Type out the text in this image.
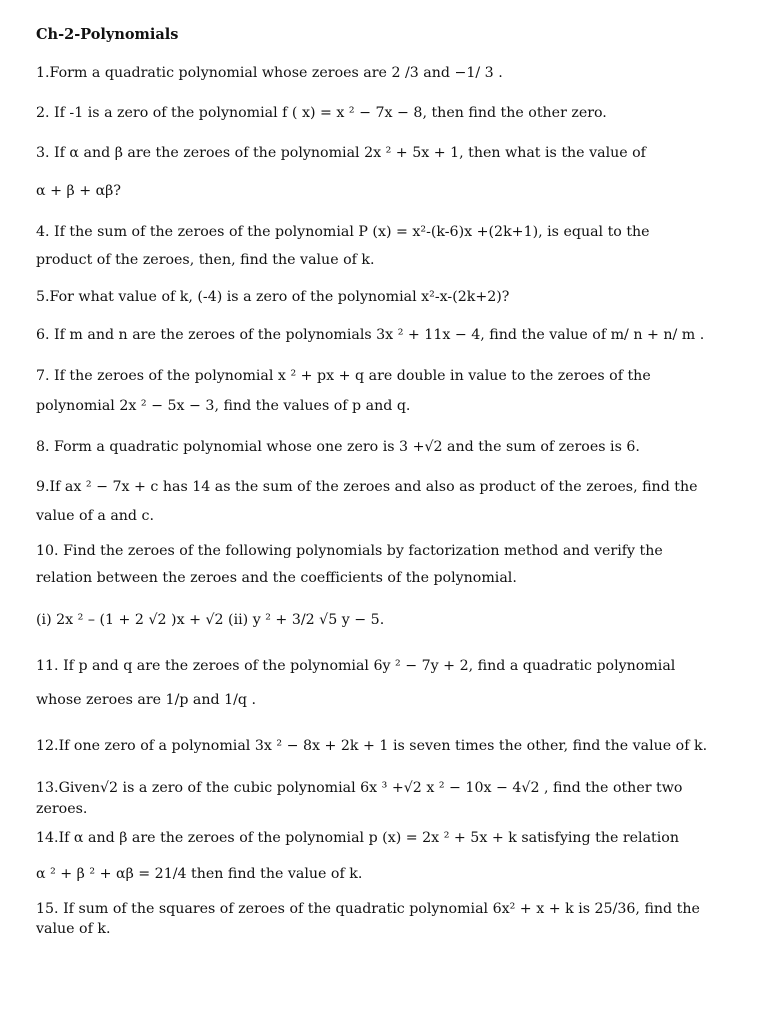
Ch-2-Polynomials
1.Form a quadratic polynomial whose zeroes are 2 /3 and −1/ 3 .
2. If -1 is a zero of the polynomial f ( x) = x ² − 7x − 8, then find the other zero.
3. If α and β are the zeroes of the polynomial 2x ² + 5x + 1, then what is the value of
α + β + αβ?
4. If the sum of the zeroes of the polynomial P (x) = x²-(k-6)x +(2k+1), is equal to the
product of the zeroes, then, find the value of k.
5.For what value of k, (-4) is a zero of the polynomial x²-x-(2k+2)?
6. If m and n are the zeroes of the polynomials 3x ² + 11x − 4, find the value of m/ n + n/ m .
7. If the zeroes of the polynomial x ² + px + q are double in value to the zeroes of the
polynomial 2x ² − 5x − 3, find the values of p and q.
8. Form a quadratic polynomial whose one zero is 3 +√2 and the sum of zeroes is 6.
9.If ax ² − 7x + c has 14 as the sum of the zeroes and also as product of the zeroes, find the
value of a and c.
10. Find the zeroes of the following polynomials by factorization method and verify the
relation between the zeroes and the coefficients of the polynomial.
(i) 2x ² – (1 + 2 √2 )x + √2 (ii) y ² + 3/2 √5 y − 5.
11. If p and q are the zeroes of the polynomial 6y ² − 7y + 2, find a quadratic polynomial
whose zeroes are 1/p and 1/q .
12.If one zero of a polynomial 3x ² − 8x + 2k + 1 is seven times the other, find the value of k.
13.Given√2 is a zero of the cubic polynomial 6x ³ +√2 x ² − 10x − 4√2 , find the other two
zeroes.
14.If α and β are the zeroes of the polynomial p (x) = 2x ² + 5x + k satisfying the relation
α ² + β ² + αβ = 21/4 then find the value of k.
15. If sum of the squares of zeroes of the quadratic polynomial 6x² + x + k is 25/36, find the
value of k.
